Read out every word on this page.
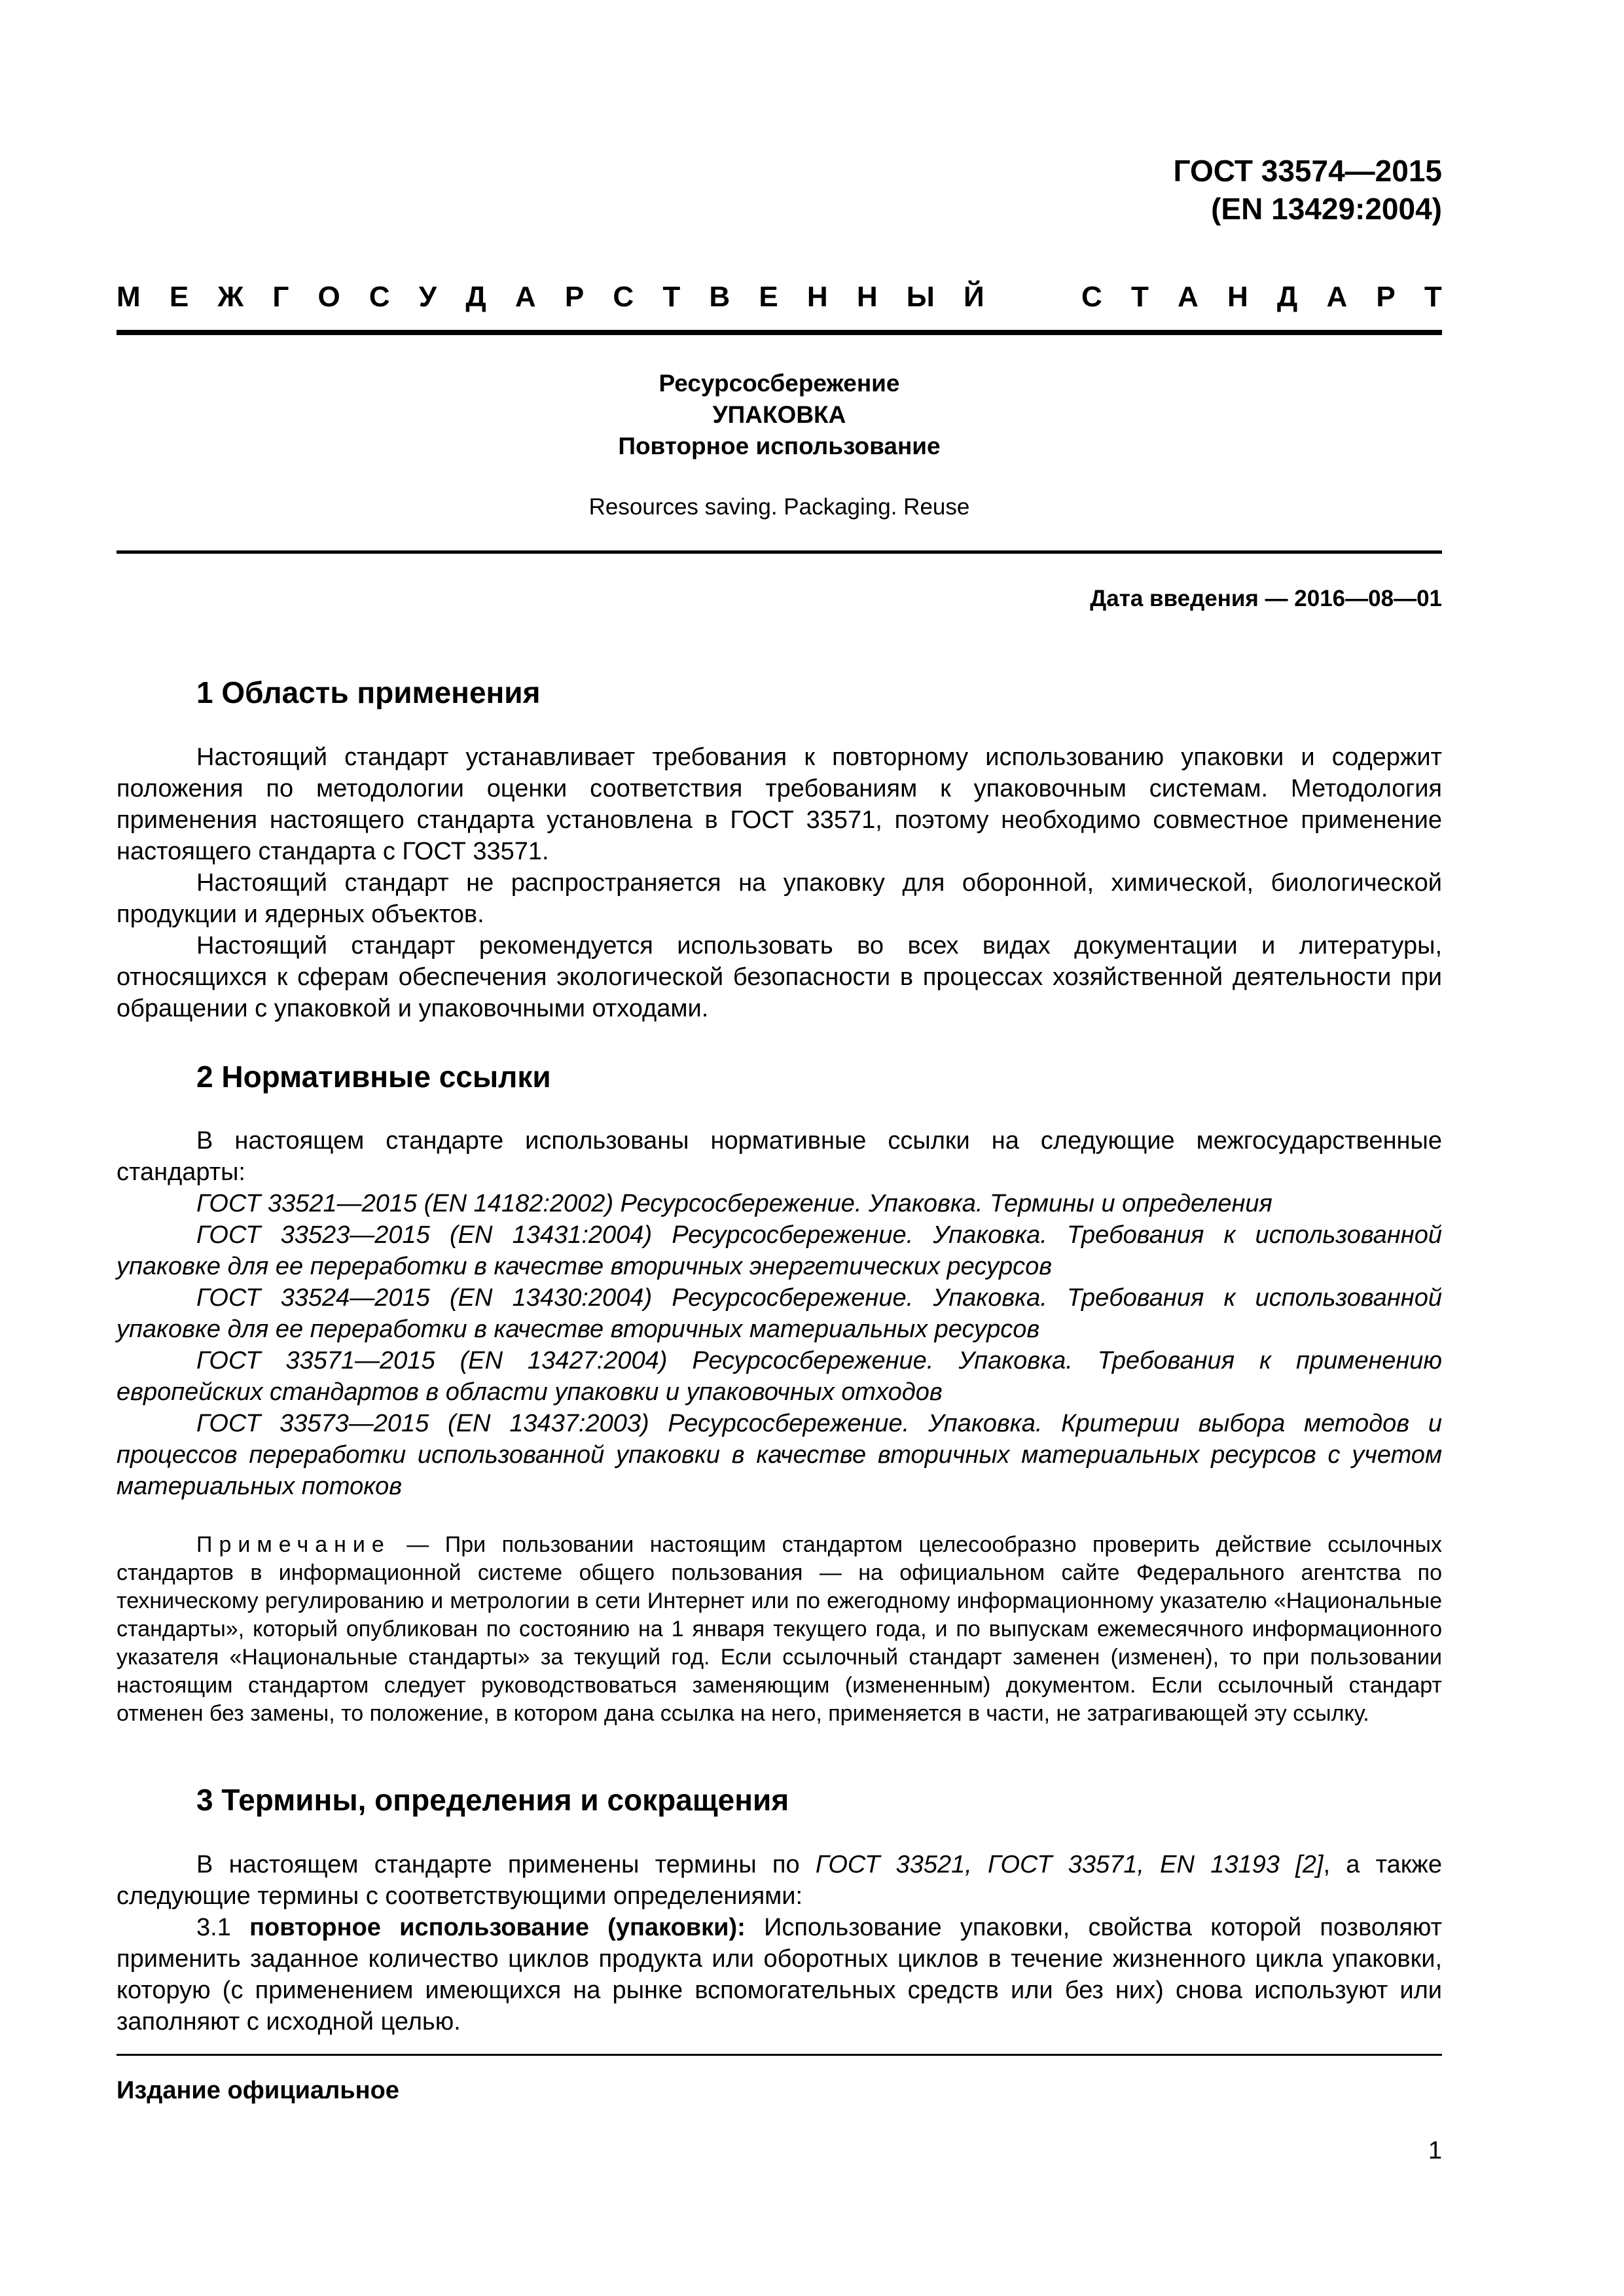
ГОСТ 33574—2015
(EN 13429:2004)
М Е Ж Г О С У Д А Р С Т В Е Н Н Ы Й	С Т А Н Д А Р Т
Ресурсосбережение
УПАКОВКА
Повторное использование
Resources saving. Packaging. Reuse
Дата введения — 2016—08—01
1 Область применения

Настоящий стандарт устанавливает требования к повторному использованию упаковки и содержит положения по методологии оценки соответствия требованиям к упаковочным системам. Методология применения настоящего стандарта установлена в ГОСТ 33571, поэтому необходимо совместное применение настоящего стандарта с ГОСТ 33571.

Настоящий стандарт не распространяется на упаковку для оборонной, химической, биологической продукции и ядерных объектов.

Настоящий стандарт рекомендуется использовать во всех видах документации и литературы, относящихся к сферам обеспечения экологической безопасности в процессах хозяйственной деятельности при обращении с упаковкой и упаковочными отходами.

2 Нормативные ссылки

В настоящем стандарте использованы нормативные ссылки на следующие межгосударственные стандарты:

ГОСТ 33521—2015 (EN 14182:2002) Ресурсосбережение. Упаковка. Термины и определения

ГОСТ 33523—2015 (EN 13431:2004) Ресурсосбережение. Упаковка. Требования к использованной упаковке для ее переработки в качестве вторичных энергетических ресурсов

ГОСТ 33524—2015 (EN 13430:2004) Ресурсосбережение. Упаковка. Требования к использованной упаковке для ее переработки в качестве вторичных материальных ресурсов

ГОСТ 33571—2015 (EN 13427:2004) Ресурсосбережение. Упаковка. Требования к применению европейских стандартов в области упаковки и упаковочных отходов

ГОСТ 33573—2015 (EN 13437:2003) Ресурсосбережение. Упаковка. Критерии выбора методов и процессов переработки использованной упаковки в качестве вторичных материальных ресурсов с учетом материальных потоков

Примечание — При пользовании настоящим стандартом целесообразно проверить действие ссылочных стандартов в информационной системе общего пользования — на официальном сайте Федерального агентства по техническому регулированию и метрологии в сети Интернет или по ежегодному информационному указателю «Национальные стандарты», который опубликован по состоянию на 1 января текущего года, и по выпускам ежемесячного информационного указателя «Национальные стандарты» за текущий год. Если ссылочный стандарт заменен (изменен), то при пользовании настоящим стандартом следует руководствоваться заменяющим (измененным) документом. Если ссылочный стандарт отменен без замены, то положение, в котором дана ссылка на него, применяется в части, не затрагивающей эту ссылку.

3 Термины, определения и сокращения

В настоящем стандарте применены термины по ГОСТ 33521, ГОСТ 33571, EN 13193 [2], а также следующие термины с соответствующими определениями:

3.1 повторное использование (упаковки): Использование упаковки, свойства которой позволяют применить заданное количество циклов продукта или оборотных циклов в течение жизненного цикла упаковки, которую (с применением имеющихся на рынке вспомогательных средств или без них) снова используют или заполняют с исходной целью.

Издание официальное
1
